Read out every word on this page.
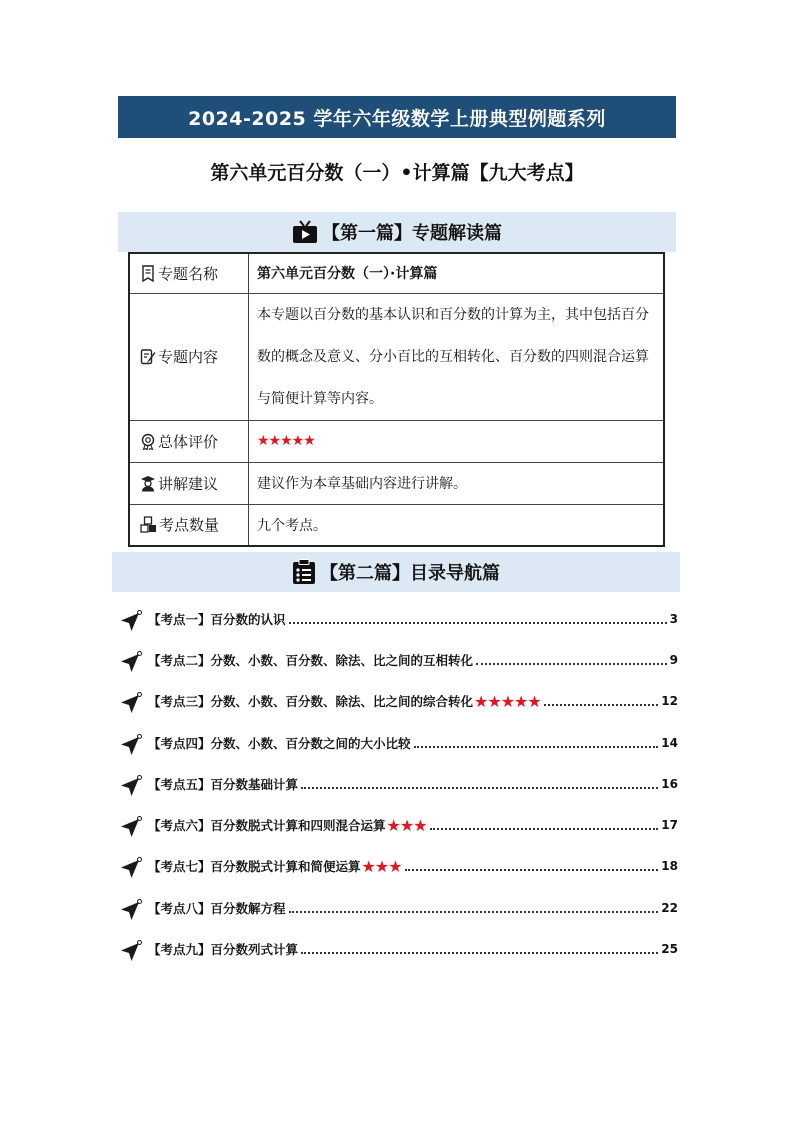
2024-2025 学年六年级数学上册典型例题系列
第六单元百分数（一）•计算篇【九大考点】
【第一篇】专题解读篇
专题名称	第六单元百分数（一）·计算篇
专题内容	本专题以百分数的基本认识和百分数的计算为主，其中包括百分数的概念及意义、分小百比的互相转化、百分数的四则混合运算与简便计算等内容。
总体评价	★★★★★
讲解建议	建议作为本章基础内容进行讲解。
考点数量	九个考点。
【第二篇】目录导航篇
【考点一】百分数的认识	3
【考点二】分数、小数、百分数、除法、比之间的互相转化	9
【考点三】分数、小数、百分数、除法、比之间的综合转化 ★★★★★	12
【考点四】分数、小数、百分数之间的大小比较	14
【考点五】百分数基础计算	16
【考点六】百分数脱式计算和四则混合运算 ★★★	17
【考点七】百分数脱式计算和简便运算 ★★★	18
【考点八】百分数解方程	22
【考点九】百分数列式计算	25
